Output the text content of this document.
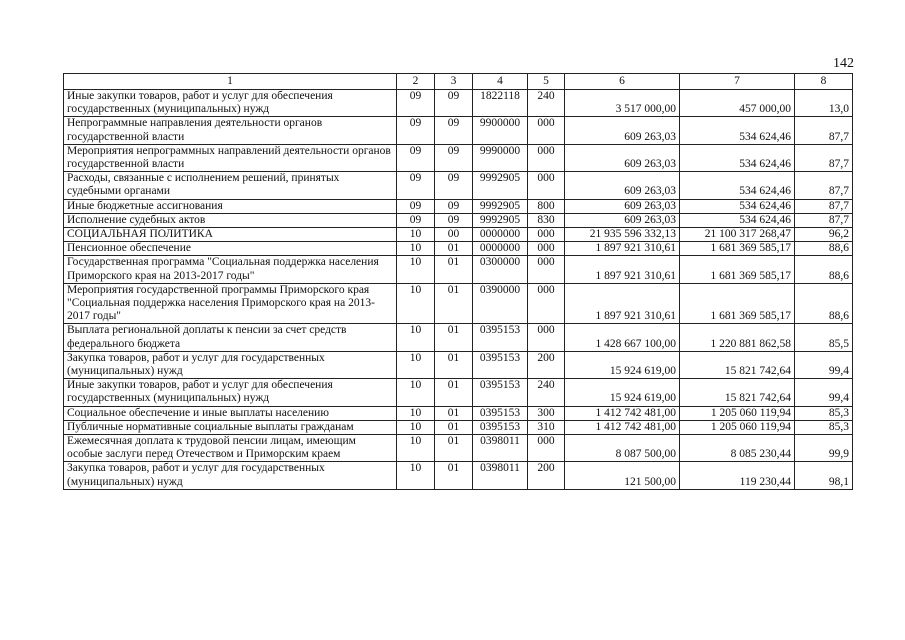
142
1	2	3	4	5	6	7	8
Иные закупки товаров, работ и услуг для обеспечения государственных (муниципальных) нужд	09	09	1822118	240	3 517 000,00	457 000,00	13,0
Непрограммные направления деятельности органов государственной власти	09	09	9900000	000	609 263,03	534 624,46	87,7
Мероприятия непрограммных направлений деятельности органов государственной власти	09	09	9990000	000	609 263,03	534 624,46	87,7
Расходы, связанные с исполнением решений, принятых судебными органами	09	09	9992905	000	609 263,03	534 624,46	87,7
Иные бюджетные ассигнования	09	09	9992905	800	609 263,03	534 624,46	87,7
Исполнение судебных актов	09	09	9992905	830	609 263,03	534 624,46	87,7
СОЦИАЛЬНАЯ ПОЛИТИКА	10	00	0000000	000	21 935 596 332,13	21 100 317 268,47	96,2
Пенсионное обеспечение	10	01	0000000	000	1 897 921 310,61	1 681 369 585,17	88,6
Государственная программа "Социальная поддержка населения Приморского края на 2013-2017 годы"	10	01	0300000	000	1 897 921 310,61	1 681 369 585,17	88,6
Мероприятия государственной программы Приморского края "Социальная поддержка населения Приморского края на 2013-2017 годы"	10	01	0390000	000	1 897 921 310,61	1 681 369 585,17	88,6
Выплата региональной доплаты к пенсии за счет средств федерального бюджета	10	01	0395153	000	1 428 667 100,00	1 220 881 862,58	85,5
Закупка товаров, работ и услуг для государственных (муниципальных) нужд	10	01	0395153	200	15 924 619,00	15 821 742,64	99,4
Иные закупки товаров, работ и услуг для обеспечения государственных (муниципальных) нужд	10	01	0395153	240	15 924 619,00	15 821 742,64	99,4
Социальное обеспечение и иные выплаты населению	10	01	0395153	300	1 412 742 481,00	1 205 060 119,94	85,3
Публичные нормативные социальные выплаты гражданам	10	01	0395153	310	1 412 742 481,00	1 205 060 119,94	85,3
Ежемесячная доплата к трудовой пенсии лицам, имеющим особые заслуги перед Отечеством и Приморским краем	10	01	0398011	000	8 087 500,00	8 085 230,44	99,9
Закупка товаров, работ и услуг для государственных (муниципальных) нужд	10	01	0398011	200	121 500,00	119 230,44	98,1
